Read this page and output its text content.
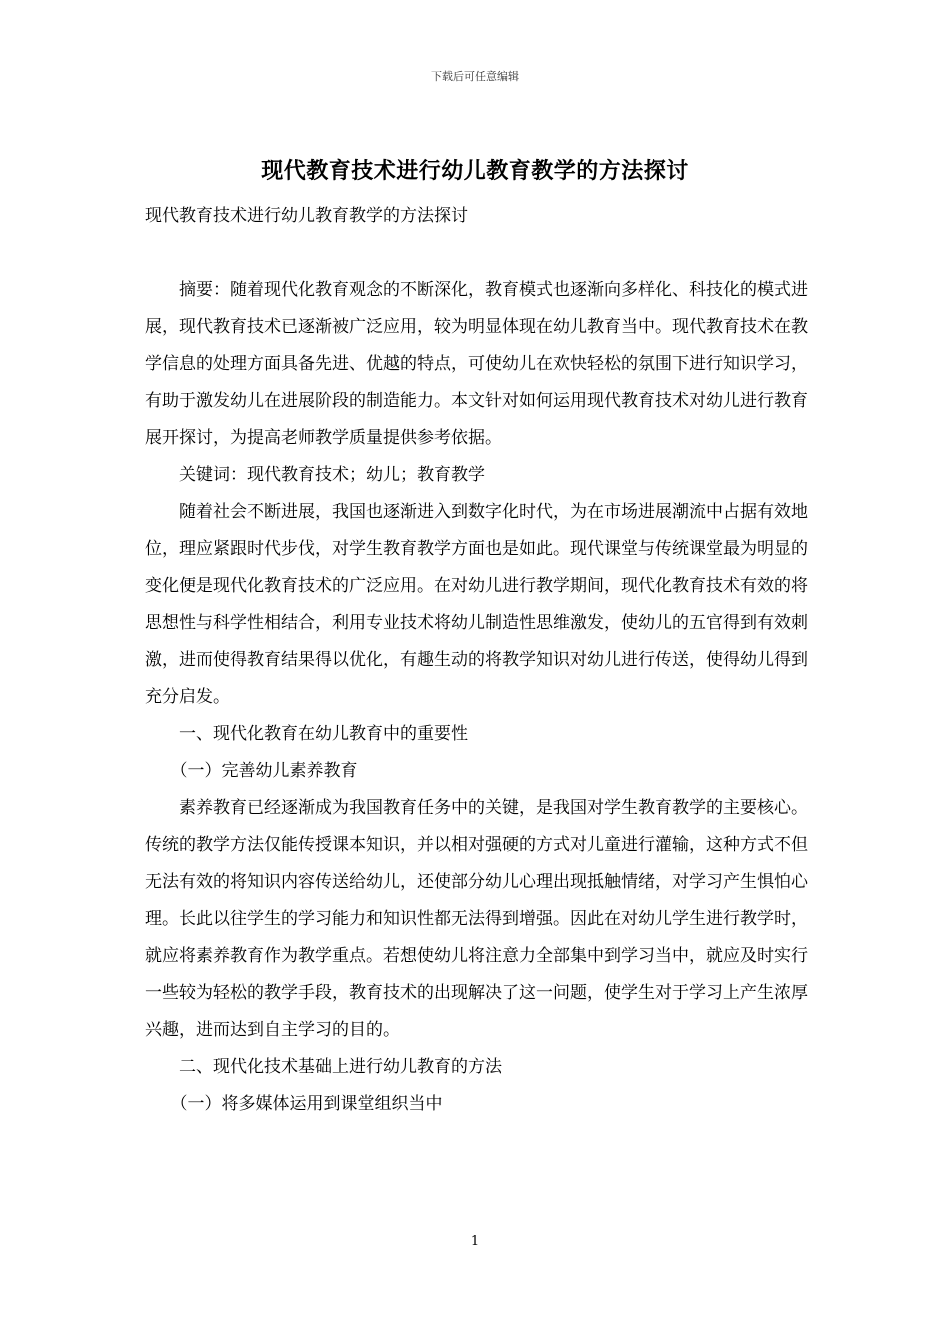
下载后可任意编辑
现代教育技术进行幼儿教育教学的方法探讨
现代教育技术进行幼儿教育教学的方法探讨

摘要：随着现代化教育观念的不断深化，教育模式也逐渐向多样化、科技化的模式进展，现代教育技术已逐渐被广泛应用，较为明显体现在幼儿教育当中。现代教育技术在教学信息的处理方面具备先进、优越的特点，可使幼儿在欢快轻松的氛围下进行知识学习，有助于激发幼儿在进展阶段的制造能力。本文针对如何运用现代教育技术对幼儿进行教育展开探讨，为提高老师教学质量提供参考依据。

关键词：现代教育技术；幼儿；教育教学

随着社会不断进展，我国也逐渐进入到数字化时代，为在市场进展潮流中占据有效地位，理应紧跟时代步伐，对学生教育教学方面也是如此。现代课堂与传统课堂最为明显的变化便是现代化教育技术的广泛应用。在对幼儿进行教学期间，现代化教育技术有效的将思想性与科学性相结合，利用专业技术将幼儿制造性思维激发，使幼儿的五官得到有效刺激，进而使得教育结果得以优化，有趣生动的将教学知识对幼儿进行传送，使得幼儿得到充分启发。

一、现代化教育在幼儿教育中的重要性

（一）完善幼儿素养教育

素养教育已经逐渐成为我国教育任务中的关键，是我国对学生教育教学的主要核心。传统的教学方法仅能传授课本知识，并以相对强硬的方式对儿童进行灌输，这种方式不但无法有效的将知识内容传送给幼儿，还使部分幼儿心理出现抵触情绪，对学习产生惧怕心理。长此以往学生的学习能力和知识性都无法得到增强。因此在对幼儿学生进行教学时，就应将素养教育作为教学重点。若想使幼儿将注意力全部集中到学习当中，就应及时实行一些较为轻松的教学手段，教育技术的出现解决了这一问题，使学生对于学习上产生浓厚兴趣，进而达到自主学习的目的。

二、现代化技术基础上进行幼儿教育的方法

（一）将多媒体运用到课堂组织当中

1
